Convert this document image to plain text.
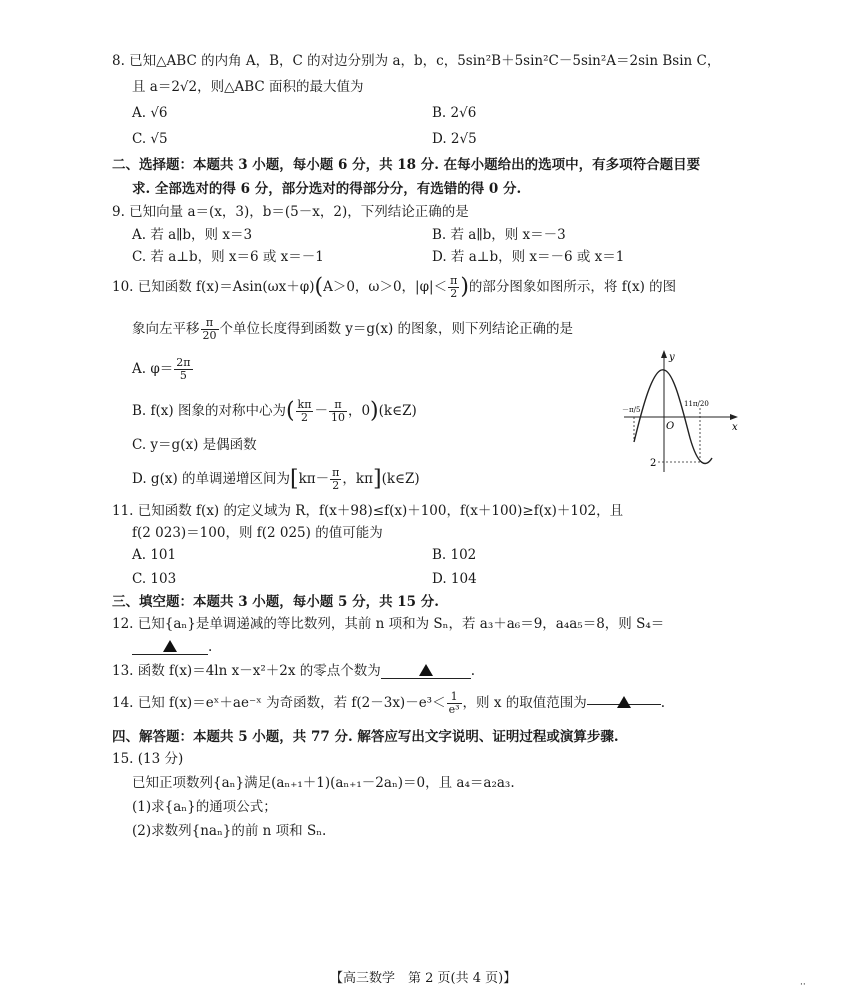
8. 已知△ABC 的内角 A，B，C 的对边分别为 a，b，c，5sin²B＋5sin²C－5sin²A＝2sin Bsin C，
且 a＝2√2，则△ABC 面积的最大值为
A. √6	B. 2√6
C. √5	D. 2√5
二、选择题：本题共 3 小题，每小题 6 分，共 18 分. 在每小题给出的选项中，有多项符合题目要
求. 全部选对的得 6 分，部分选对的得部分分，有选错的得 0 分.
9. 已知向量 a＝(x，3)，b＝(5－x，2)，下列结论正确的是
A. 若 a∥b，则 x＝3	B. 若 a∥b，则 x＝－3
C. 若 a⊥b，则 x＝6 或 x＝－1	D. 若 a⊥b，则 x＝－6 或 x＝1
10. 已知函数 f(x)＝Asin(ωx＋φ)(A＞0，ω＞0，$|\varphi|< \frac{\pi}{2}$ )的部分图象如图所示，将 f(x) 的图
象向左平移 $\frac{\pi}{20}$ 个单位长度得到函数 y＝g(x) 的图象，则下列结论正确的是
A. $\varphi= \frac{2\pi}{5}$
B. f(x) 图象的对称中心为( $\frac{k\pi}{2} - \frac{\pi}{10}$ ，0)(k∈Z)
C. y＝g(x) 是偶函数
D. g(x) 的单调递增区间为[$k\pi- \frac{\pi}{2}$ ，kπ](k∈Z)
y
x
O
－π/5
11π/20
2
11. 已知函数 f(x) 的定义域为 R，f(x＋98)≤f(x)＋100，f(x＋100)≥f(x)＋102，且
f(2 023)＝100，则 f(2 025) 的值可能为
A. 101	B. 102
C. 103	D. 104
三、填空题：本题共 3 小题，每小题 5 分，共 15 分.
12. 已知{aₙ}是单调递减的等比数列，其前 n 项和为 Sₙ，若 a₃＋a₆＝9，a₄a₅＝8，则 S₄＝
.
13. 函数 f(x)＝4ln x－x²＋2x 的零点个数为	.
14. 已知 f(x)＝eˣ＋ae⁻ˣ 为奇函数，若 $f(2-3x)-e^3< \frac{1}{\text{e³}}$ ，则 x 的取值范围为	.
四、解答题：本题共 5 小题，共 77 分. 解答应写出文字说明、证明过程或演算步骤.
15. (13 分)
已知正项数列{aₙ}满足(aₙ₊₁＋1)(aₙ₊₁－2aₙ)＝0，且 a₄＝a₂a₃.
(1)求{aₙ}的通项公式；
(2)求数列{naₙ}的前 n 项和 Sₙ.
【高三数学　第 2 页(共 4 页)】	··
